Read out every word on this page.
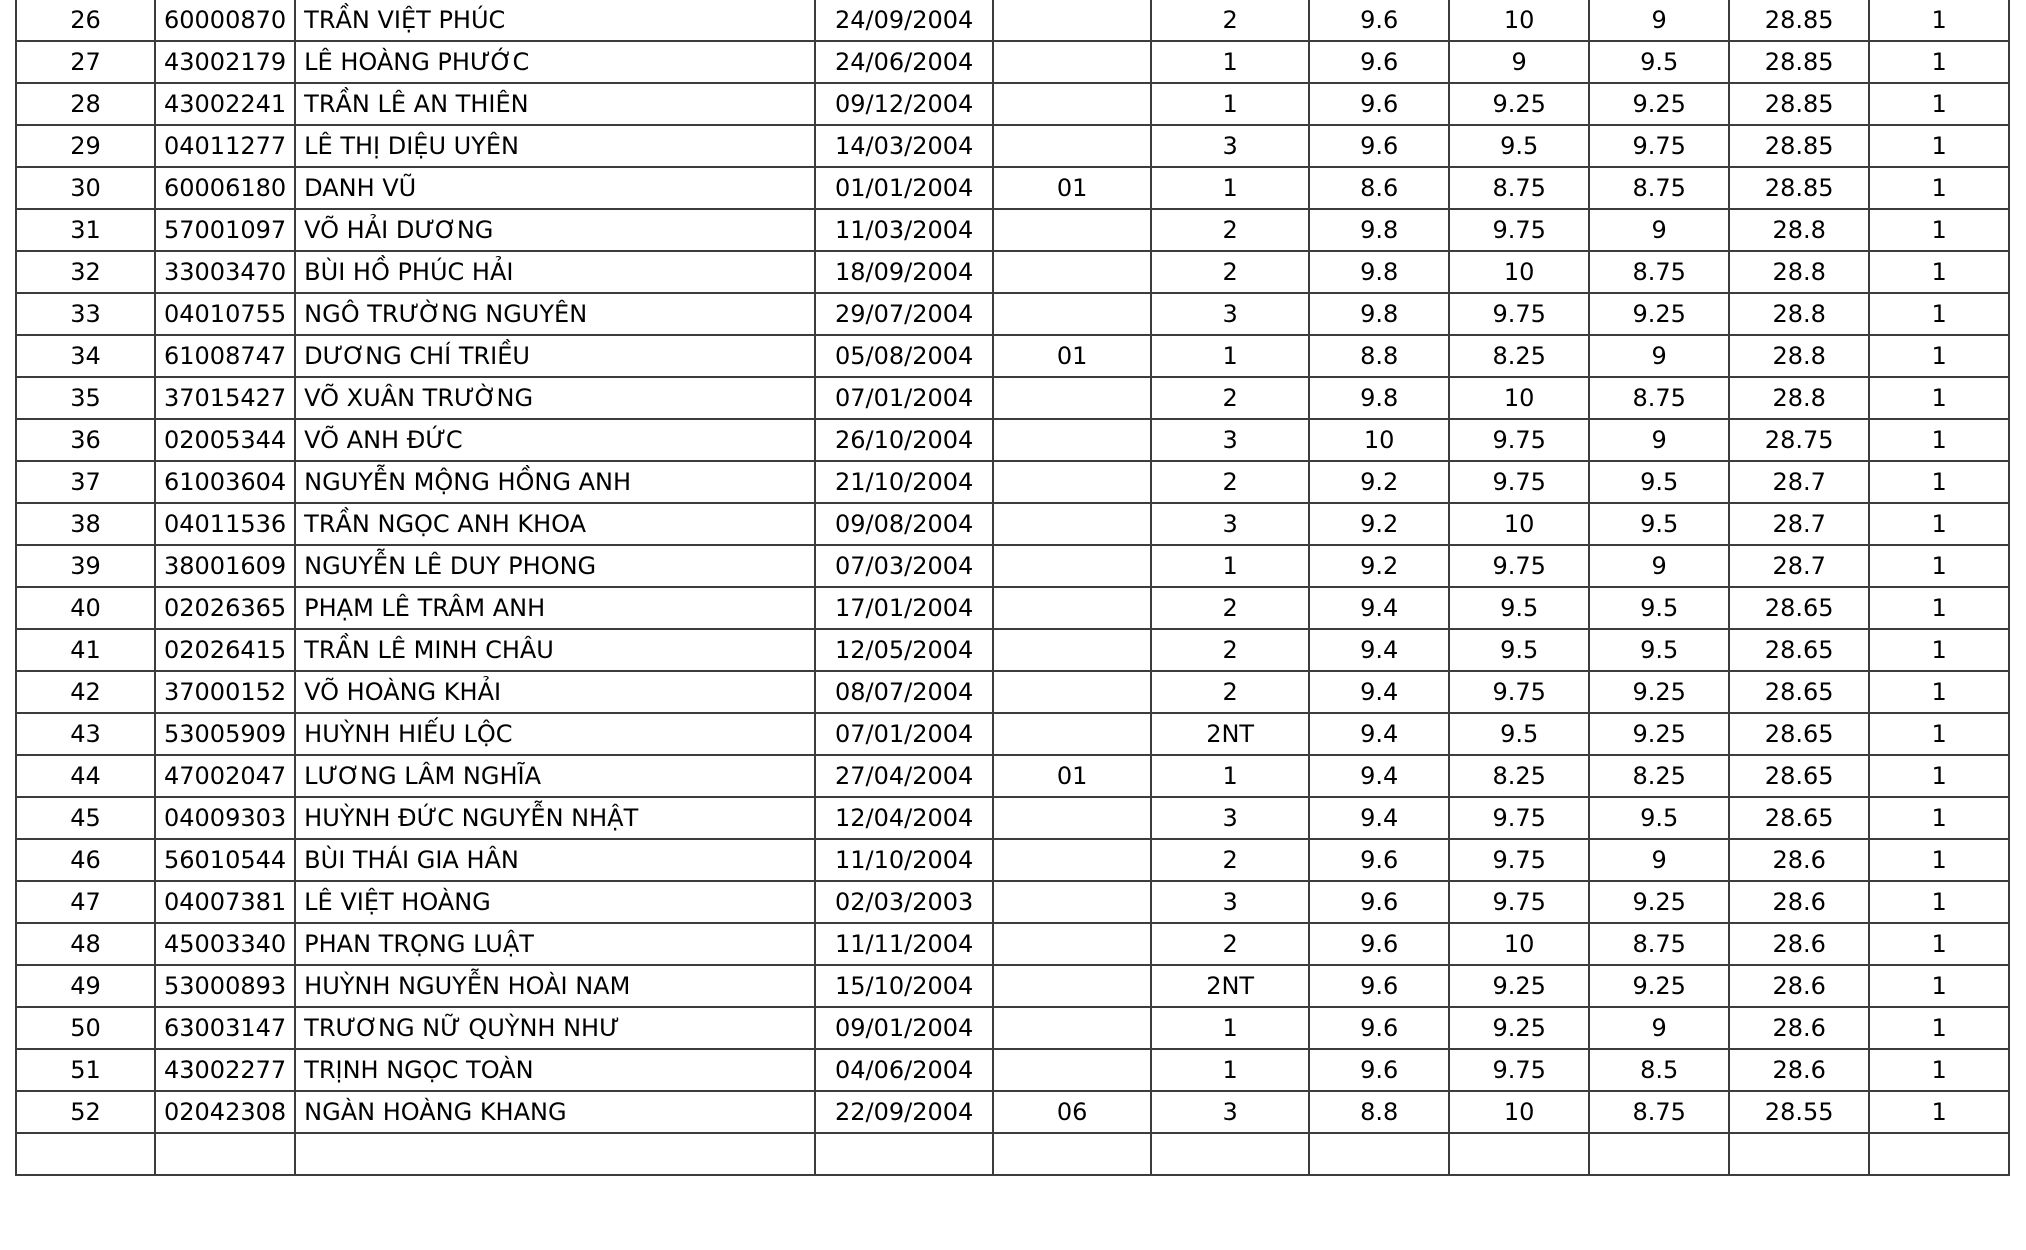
26	60000870	TRẦN VIỆT PHÚC	24/09/2004		2	9.6	10	9	28.85	1
27	43002179	LÊ HOÀNG PHƯỚC	24/06/2004		1	9.6	9	9.5	28.85	1
28	43002241	TRẦN LÊ AN THIÊN	09/12/2004		1	9.6	9.25	9.25	28.85	1
29	04011277	LÊ THỊ DIỆU UYÊN	14/03/2004		3	9.6	9.5	9.75	28.85	1
30	60006180	DANH VŨ	01/01/2004	01	1	8.6	8.75	8.75	28.85	1
31	57001097	VÕ HẢI DƯƠNG	11/03/2004		2	9.8	9.75	9	28.8	1
32	33003470	BÙI HỒ PHÚC HẢI	18/09/2004		2	9.8	10	8.75	28.8	1
33	04010755	NGÔ TRƯỜNG NGUYÊN	29/07/2004		3	9.8	9.75	9.25	28.8	1
34	61008747	DƯƠNG CHÍ TRIỀU	05/08/2004	01	1	8.8	8.25	9	28.8	1
35	37015427	VÕ XUÂN TRƯỜNG	07/01/2004		2	9.8	10	8.75	28.8	1
36	02005344	VÕ ANH ĐỨC	26/10/2004		3	10	9.75	9	28.75	1
37	61003604	NGUYỄN MỘNG HỒNG ANH	21/10/2004		2	9.2	9.75	9.5	28.7	1
38	04011536	TRẦN NGỌC ANH KHOA	09/08/2004		3	9.2	10	9.5	28.7	1
39	38001609	NGUYỄN LÊ DUY PHONG	07/03/2004		1	9.2	9.75	9	28.7	1
40	02026365	PHẠM LÊ TRÂM ANH	17/01/2004		2	9.4	9.5	9.5	28.65	1
41	02026415	TRẦN LÊ MINH CHÂU	12/05/2004		2	9.4	9.5	9.5	28.65	1
42	37000152	VÕ HOÀNG KHẢI	08/07/2004		2	9.4	9.75	9.25	28.65	1
43	53005909	HUỲNH HIẾU LỘC	07/01/2004		2NT	9.4	9.5	9.25	28.65	1
44	47002047	LƯƠNG LÂM NGHĨA	27/04/2004	01	1	9.4	8.25	8.25	28.65	1
45	04009303	HUỲNH ĐỨC NGUYỄN NHẬT	12/04/2004		3	9.4	9.75	9.5	28.65	1
46	56010544	BÙI THÁI GIA HÂN	11/10/2004		2	9.6	9.75	9	28.6	1
47	04007381	LÊ VIỆT HOÀNG	02/03/2003		3	9.6	9.75	9.25	28.6	1
48	45003340	PHAN TRỌNG LUẬT	11/11/2004		2	9.6	10	8.75	28.6	1
49	53000893	HUỲNH NGUYỄN HOÀI NAM	15/10/2004		2NT	9.6	9.25	9.25	28.6	1
50	63003147	TRƯƠNG NỮ QUỲNH NHƯ	09/01/2004		1	9.6	9.25	9	28.6	1
51	43002277	TRỊNH NGỌC TOÀN	04/06/2004		1	9.6	9.75	8.5	28.6	1
52	02042308	NGÀN HOÀNG KHANG	22/09/2004	06	3	8.8	10	8.75	28.55	1
